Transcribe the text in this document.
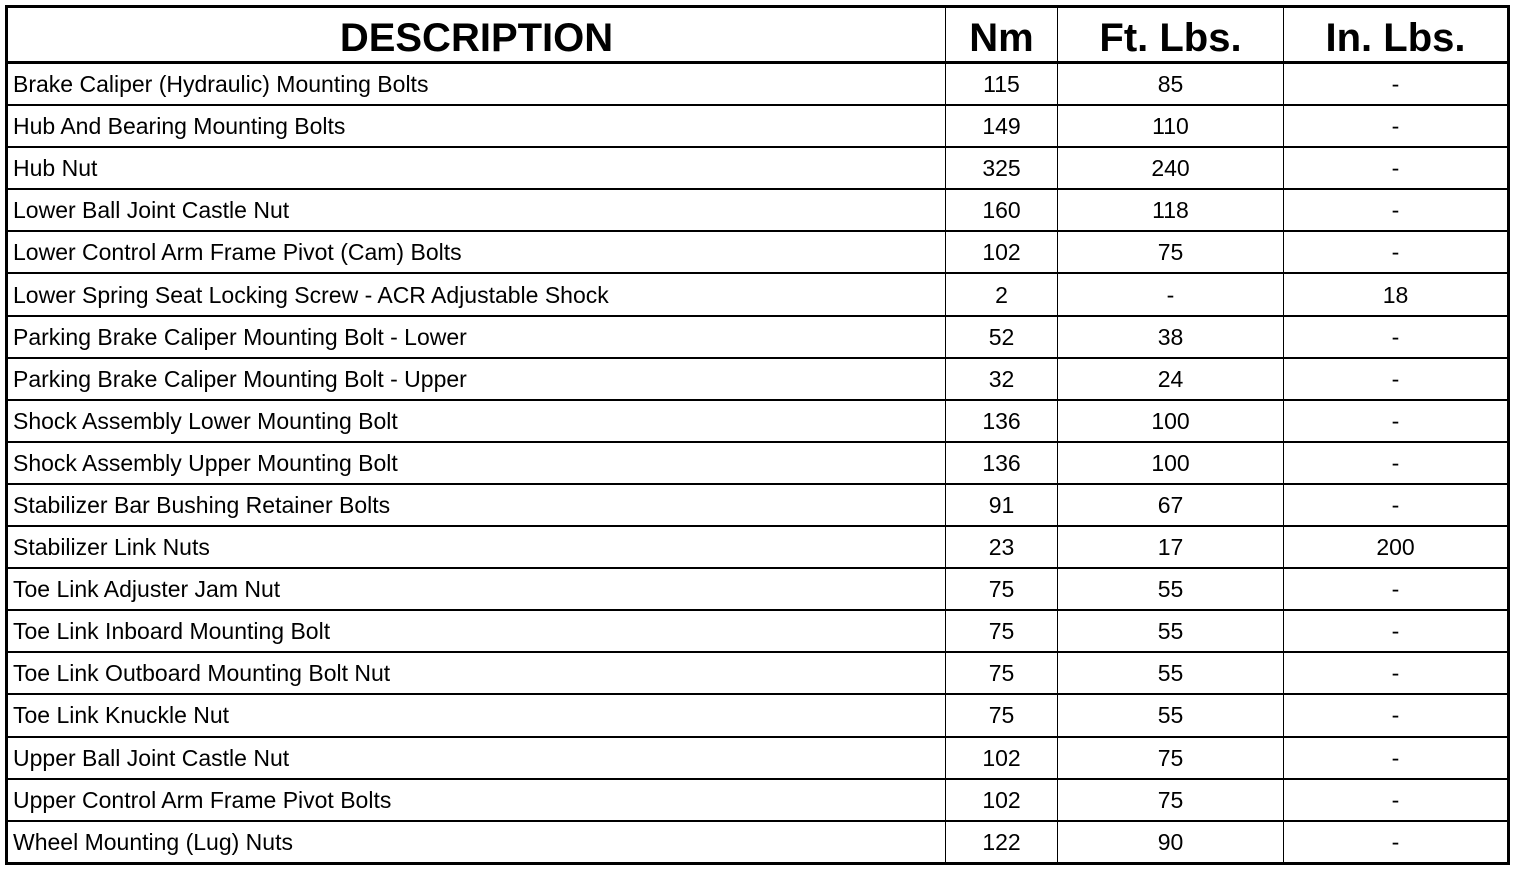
DESCRIPTION	Nm	Ft. Lbs.	In. Lbs.
Brake Caliper (Hydraulic) Mounting Bolts	115	85	-
Hub And Bearing Mounting Bolts	149	110	-
Hub Nut	325	240	-
Lower Ball Joint Castle Nut	160	118	-
Lower Control Arm Frame Pivot (Cam) Bolts	102	75	-
Lower Spring Seat Locking Screw - ACR Adjustable Shock	2	-	18
Parking Brake Caliper Mounting Bolt - Lower	52	38	-
Parking Brake Caliper Mounting Bolt - Upper	32	24	-
Shock Assembly Lower Mounting Bolt	136	100	-
Shock Assembly Upper Mounting Bolt	136	100	-
Stabilizer Bar Bushing Retainer Bolts	91	67	-
Stabilizer Link Nuts	23	17	200
Toe Link Adjuster Jam Nut	75	55	-
Toe Link Inboard Mounting Bolt	75	55	-
Toe Link Outboard Mounting Bolt Nut	75	55	-
Toe Link Knuckle Nut	75	55	-
Upper Ball Joint Castle Nut	102	75	-
Upper Control Arm Frame Pivot Bolts	102	75	-
Wheel Mounting (Lug) Nuts	122	90	-
